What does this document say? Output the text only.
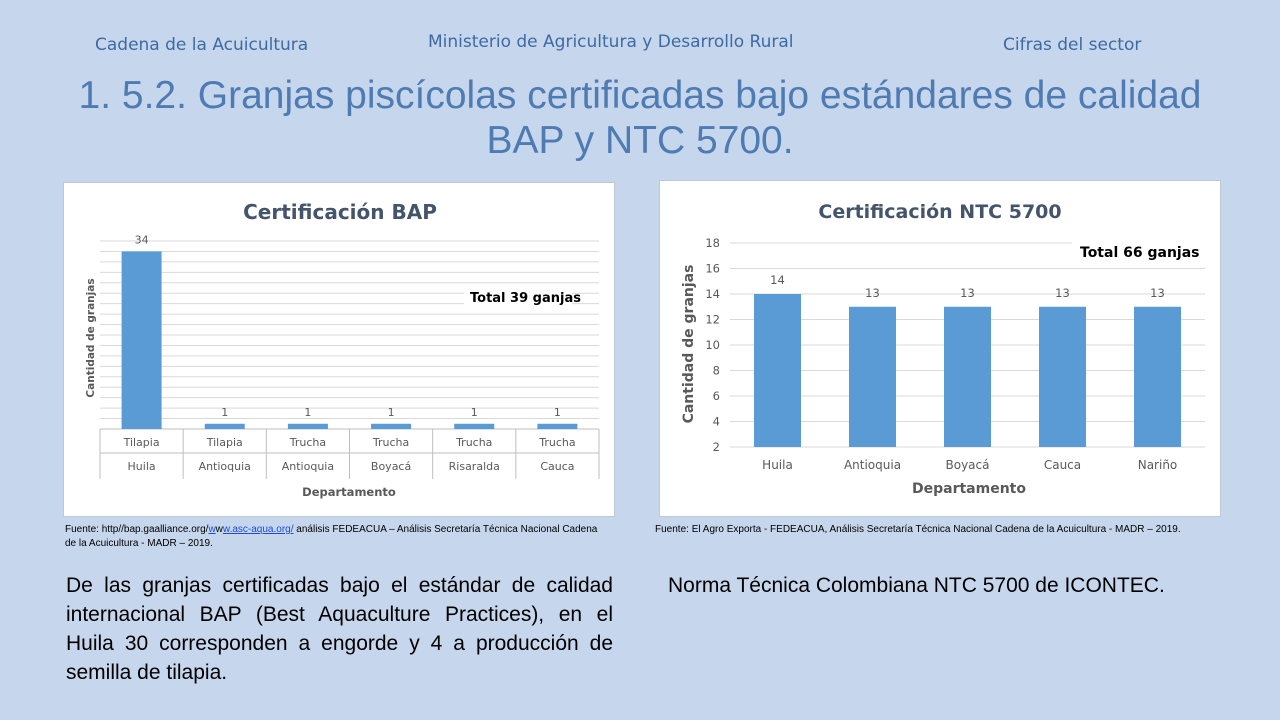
Cadena de la Acuicultura	Ministerio de Agricultura y Desarrollo Rural	Cifras del sector
1. 5.2. Granjas piscícolas certificadas bajo estándares de calidad BAP y NTC 5700.
Certificación BAP
34
1	1	1	1	1
Tilapia
Huila
Tilapia
Antioquia
Trucha
Antioquia
Trucha
Boyacá
Trucha
Risaralda
Trucha
Cauca
Total 39 ganjas
Cantidad de granjas
Departamento
Certificación NTC 5700
2
4
6
8
10
12
14
16
18
14
13	13	13	13
Huila	Antioquia	Boyacá	Cauca	Nariño
Total 66 ganjas
Cantidad de granjas
Departamento
Fuente: http//bap.gaalliance.org/www.asc-aqua.org/ análisis FEDEACUA – Análisis Secretaría Técnica Nacional Cadena de la Acuicultura - MADR – 2019.
Fuente: El Agro Exporta - FEDEACUA, Análisis Secretaría Técnica Nacional Cadena de la Acuicultura - MADR – 2019.
De las granjas certificadas bajo el estándar de calidad internacional BAP (Best Aquaculture Practices), en el Huila 30 corresponden a engorde y 4 a producción de semilla de tilapia.
Norma Técnica Colombiana NTC 5700 de ICONTEC.
